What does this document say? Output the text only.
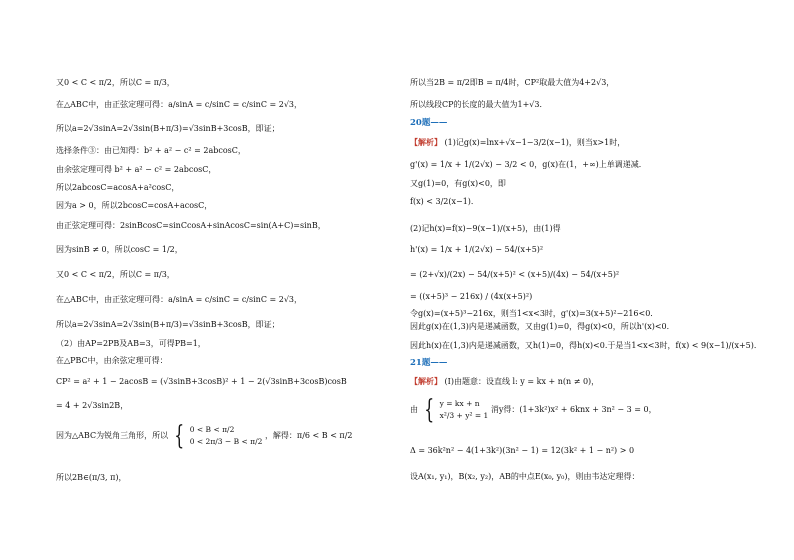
又0 < C < π/2，所以C = π/3，
在△ABC中，由正弦定理可得：a/sinA = c/sinC = c/sinC = 2√3，
所以a=2√3sinA=2√3sin(B+π/3)=√3sinB+3cosB，即证；
选择条件③：由已知得：b² + a² − c² = 2abcosC，
由余弦定理可得 b² + a² − c² = 2abcosC，
所以2abcosC=acosA+a²cosC，
因为a > 0，所以2bcosC=cosA+acosC，
由正弦定理可得：2sinBcosC=sinCcosA+sinAcosC=sin(A+C)=sinB，
因为sinB ≠ 0，所以cosC = 1/2，
又0 < C < π/2，所以C = π/3，
在△ABC中，由正弦定理可得：a/sinA = c/sinC = c/sinC = 2√3，
所以a=2√3sinA=2√3sin(B+π/3)=√3sinB+3cosB，即证；
（2）由AP=2PB及AB=3，可得PB=1，
在△PBC中，由余弦定理可得：
CP² = a² + 1 − 2acosB = (√3sinB+3cosB)² + 1 − 2(√3sinB+3cosB)cosB
= 4 + 2√3sin2B，
因为△ABC为锐角三角形，所以 { 0 < B < π/2
0 < 2π/3 − B < π/2
，解得：π/6 < B < π/2
所以2B∈(π/3, π)，
所以当2B = π/2即B = π/4时，CP²取最大值为4+2√3，
所以线段CP的长度的最大值为1+√3．
20题——
【解析】 (1)记g(x)=lnx+√x−1−3/2(x−1)，则当x>1时，
g'(x) = 1/x + 1/(2√x) − 3/2 < 0，g(x)在(1，+∞)上单调递减．
又g(1)=0，有g(x)<0，即
f(x) < 3/2(x−1)．
(2)记h(x)=f(x)−9(x−1)/(x+5)，由(1)得
h'(x) = 1/x + 1/(2√x) − 54/(x+5)²
= (2+√x)/(2x) − 54/(x+5)² < (x+5)/(4x) − 54/(x+5)²
= ((x+5)³ − 216x) / (4x(x+5)²)
令g(x)=(x+5)³−216x，则当1<x<3时，g'(x)=3(x+5)²−216<0．
因此g(x)在(1,3)内是递减函数，又由g(1)=0，得g(x)<0，所以h'(x)<0．
因此h(x)在(1,3)内是递减函数，又h(1)=0，得h(x)<0.于是当1<x<3时，f(x) < 9(x−1)/(x+5)．
21题——
【解析】 (Ⅰ)由题意：设直线 l: y = kx + n(n ≠ 0)，
由 { y = kx + n
x²/3 + y² = 1
消y得：(1+3k²)x² + 6knx + 3n² − 3 = 0，
Δ = 36k²n² − 4(1+3k²)(3n² − 1) = 12(3k² + 1 − n²) > 0
设A(x₁, y₁)，B(x₂, y₂)，AB的中点E(x₀, y₀)，则由韦达定理得：
